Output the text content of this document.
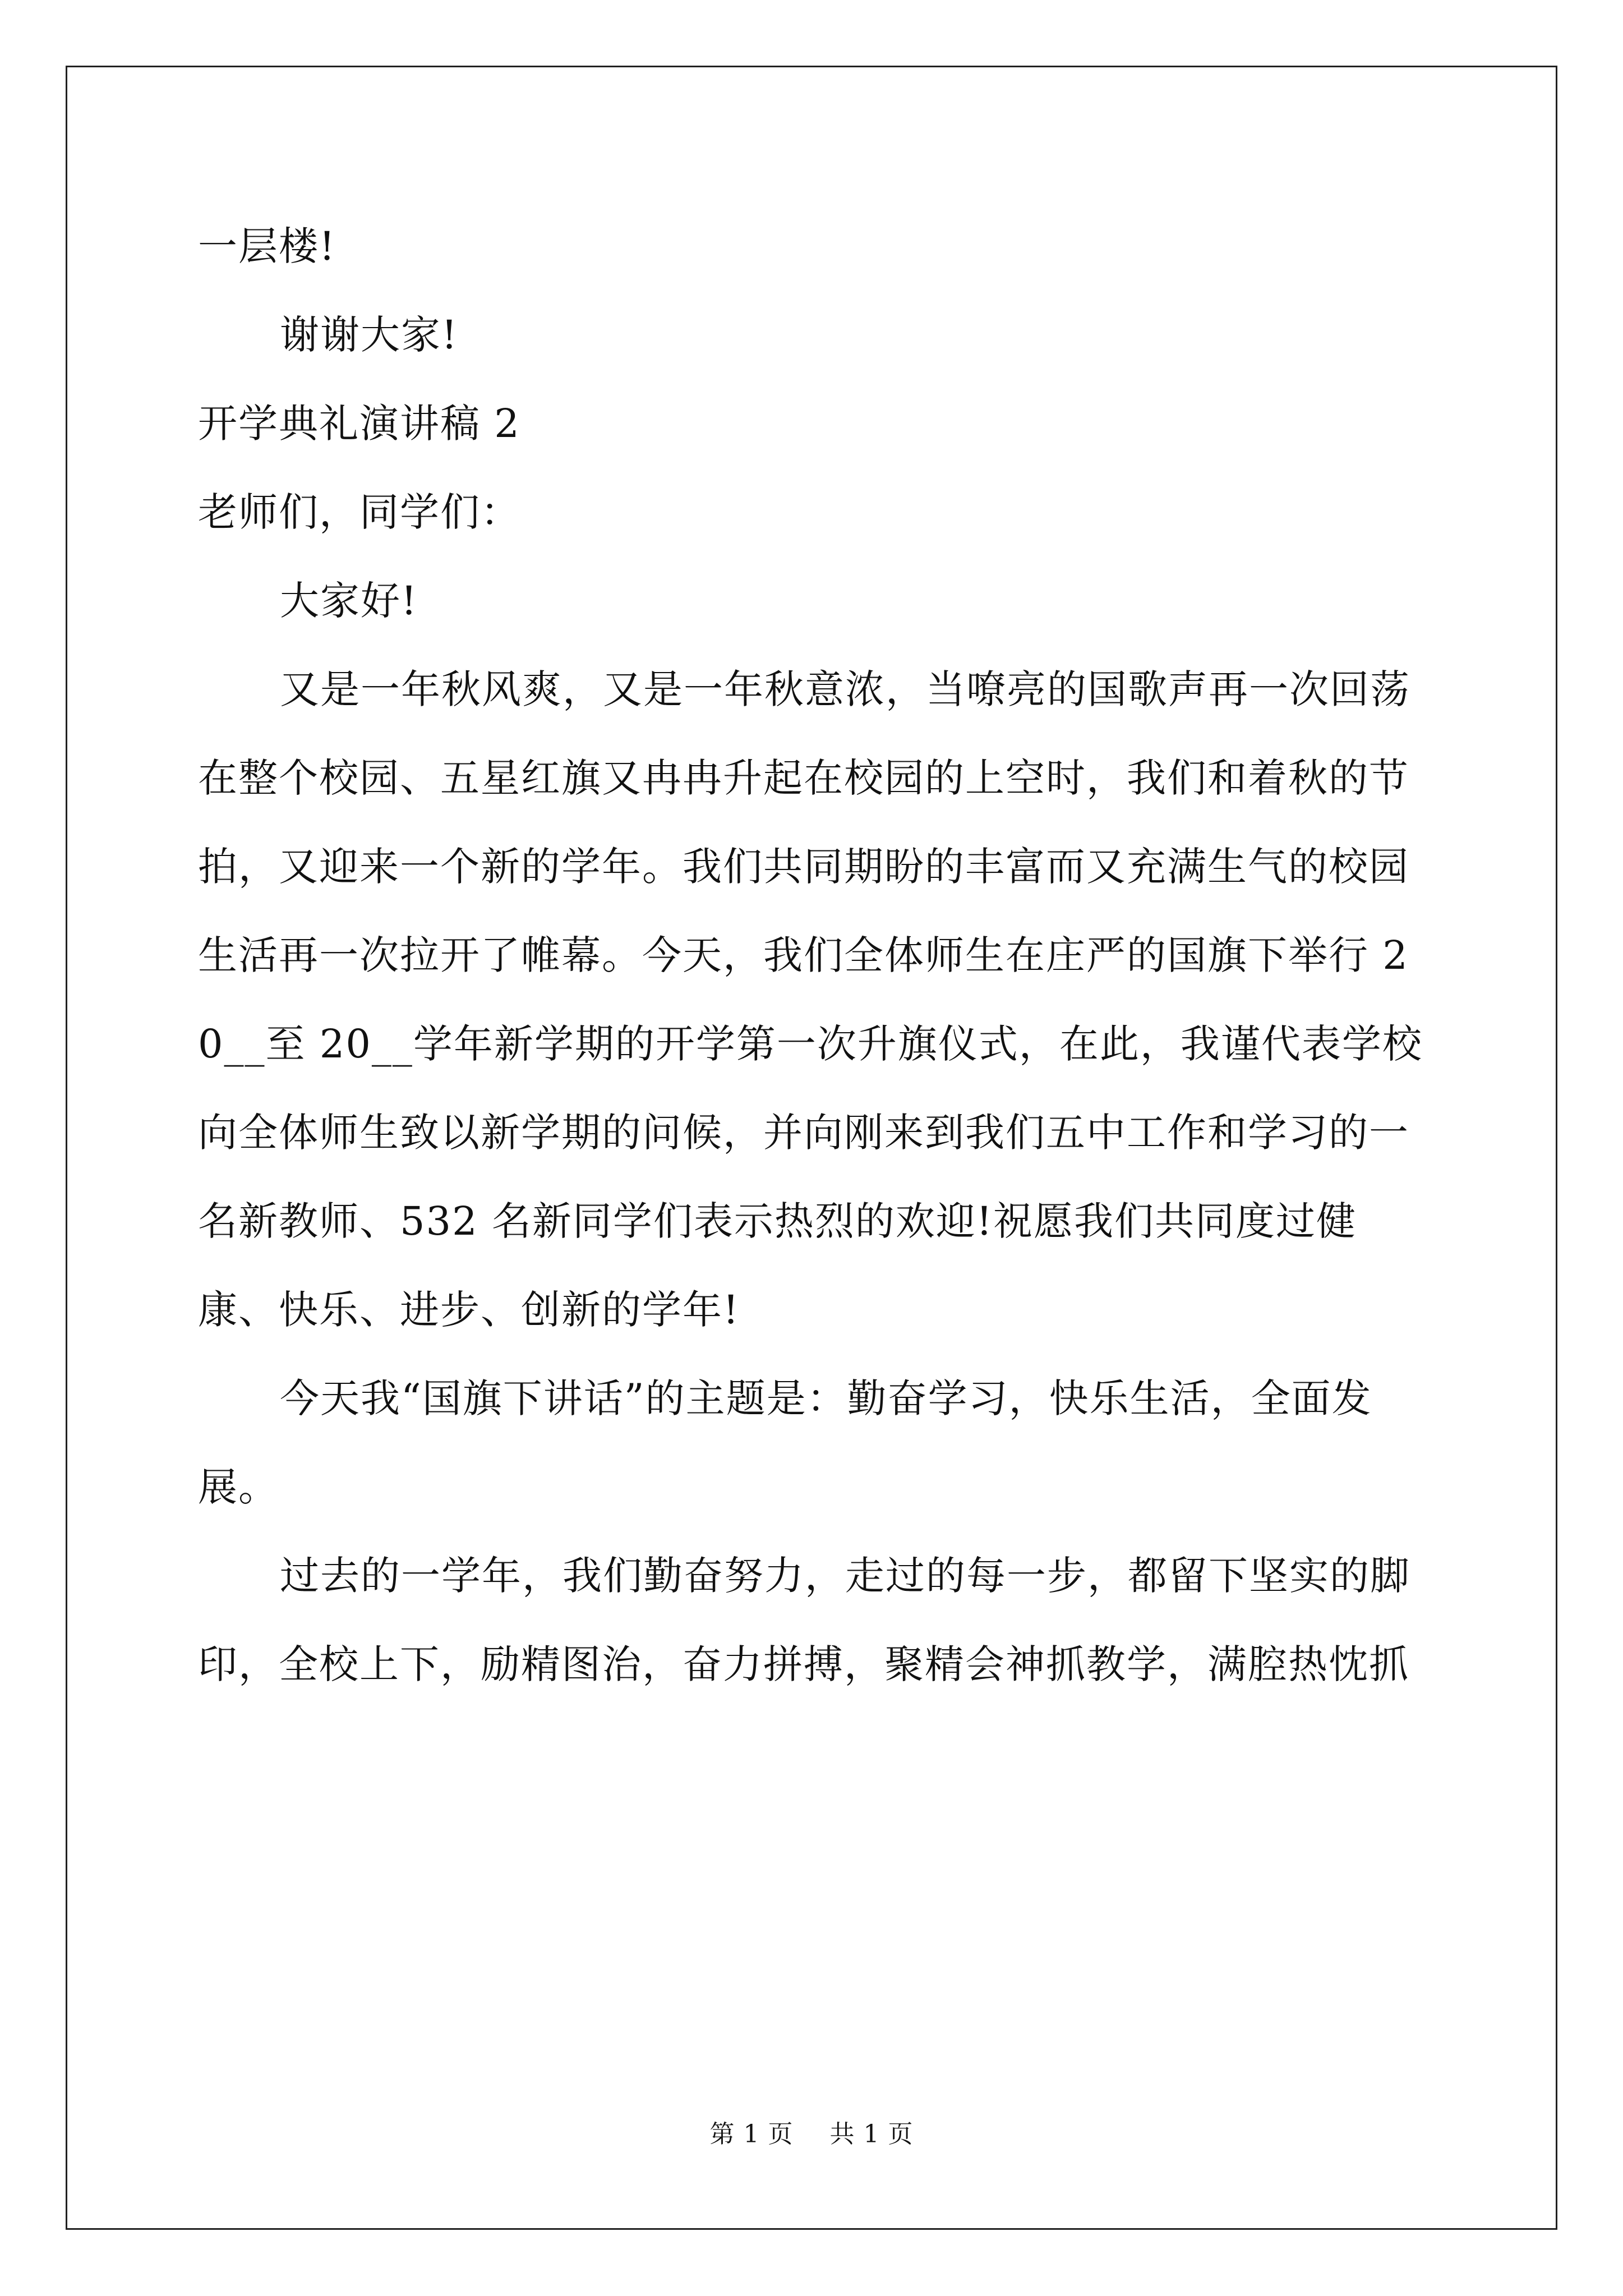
一层楼!

谢谢大家!

开学典礼演讲稿 2

老师们，同学们：

大家好!

又是一年秋风爽，又是一年秋意浓，当嘹亮的国歌声再一次回荡在整个校园、五星红旗又冉冉升起在校园的上空时，我们和着秋的节拍，又迎来一个新的学年。我们共同期盼的丰富而又充满生气的校园生活再一次拉开了帷幕。今天，我们全体师生在庄严的国旗下举行 20__至 20__学年新学期的开学第一次升旗仪式，在此，我谨代表学校向全体师生致以新学期的问候，并向刚来到我们五中工作和学习的一名新教师、532 名新同学们表示热烈的欢迎!祝愿我们共同度过健康、快乐、进步、创新的学年!

今天我“国旗下讲话”的主题是：勤奋学习，快乐生活，全面发展。

过去的一学年，我们勤奋努力，走过的每一步，都留下坚实的脚印，全校上下，励精图治，奋力拼搏，聚精会神抓教学，满腔热忱抓

第 1 页 共 1 页
